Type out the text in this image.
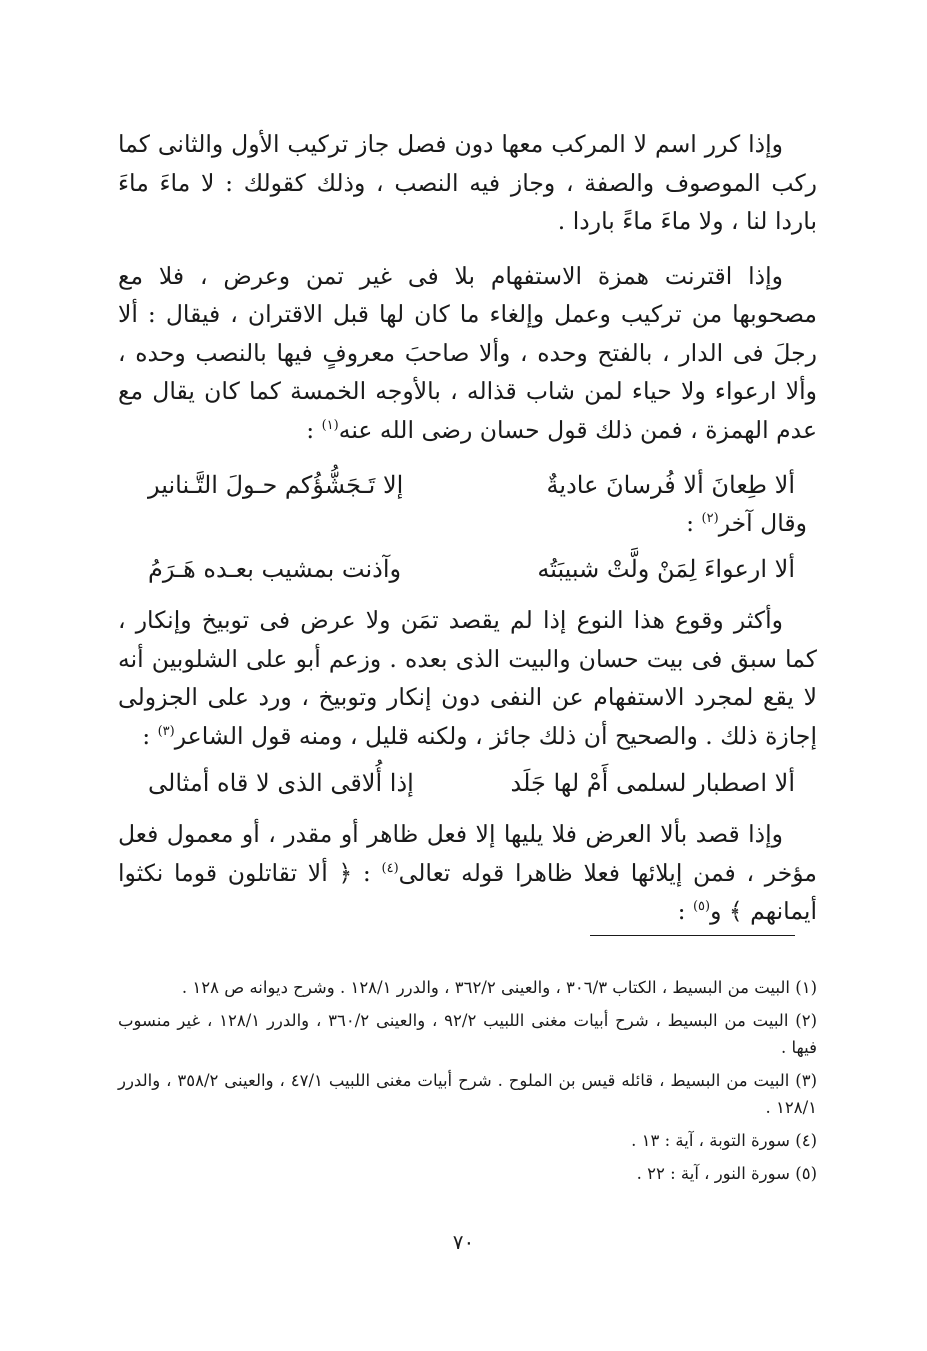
وإذا كرر اسم لا المركب معها دون فصل جاز تركيب الأول والثانى كما ركب الموصوف والصفة ، وجاز فيه النصب ، وذلك كقولك : لا ماءَ ماءَ باردا لنا ، ولا ماءَ ماءً باردا .

وإذا اقترنت همزة الاستفهام بلا فى غير تمن وعرض ، فلا مع مصحوبها من تركيب وعمل وإلغاء ما كان لها قبل الاقتران ، فيقال : ألا رجلَ فى الدار ، بالفتح وحده ، وألا صاحبَ معروفٍ فيها بالنصب وحده ، وألا ارعواء ولا حياء لمن شاب قذاله ، بالأوجه الخمسة كما كان يقال مع عدم الهمزة ، فمن ذلك قول حسان رضى الله عنه$^{(١)}$ :

ألا طِعانَ ألا فُرسانَ عاديةٌ
إلا تَـجَشُّؤُكم حـولَ التَّـنانير

وقال آخر$^{(٢)}$ :

ألا ارعواءَ لِمَنْ ولَّتْ شبيبَتُه
وآذنت بمشيب بعـده هَـرَمُ

وأكثر وقوع هذا النوع إذا لم يقصد تمَن ولا عرض فى توبيخ وإنكار ، كما سبق فى بيت حسان والبيت الذى بعده . وزعم أبو على الشلوبين أنه لا يقع لمجرد الاستفهام عن النفى دون إنكار وتوبيخ ، ورد على الجزولى إجازة ذلك . والصحيح أن ذلك جائز ، ولكنه قليل ، ومنه قول الشاعر$^{(٣)}$ :

ألا اصطبار لسلمى أَمْ لها جَلَد
إذا أُلاقى الذى لا قاه أمثالى

وإذا قصد بألا العرض فلا يليها إلا فعل ظاهر أو مقدر ، أو معمول فعل مؤخر ، فمن إيلائها فعلا ظاهرا قوله تعالى$^{(٤)}$ : ﴿ ألا تقاتلون قوما نكثوا أيمانهم ﴾ و$^{(٥)}$ :

(١) البيت من البسيط ، الكتاب ٣٠٦/٣ ، والعينى ٣٦٢/٢ ، والدرر ١٢٨/١ . وشرح ديوانه ص ١٢٨ .

(٢) البيت من البسيط ، شرح أبيات مغنى اللبيب ٩٢/٢ ، والعينى ٣٦٠/٢ ، والدرر ١٢٨/١ ، غير منسوب فيها .

(٣) البيت من البسيط ، قائله قيس بن الملوح . شرح أبيات مغنى اللبيب ٤٧/١ ، والعينى ٣٥٨/٢ ، والدرر ١٢٨/١ .

(٤) سورة التوبة ، آية : ١٣ .

(٥) سورة النور ، آية : ٢٢ .

٧٠
